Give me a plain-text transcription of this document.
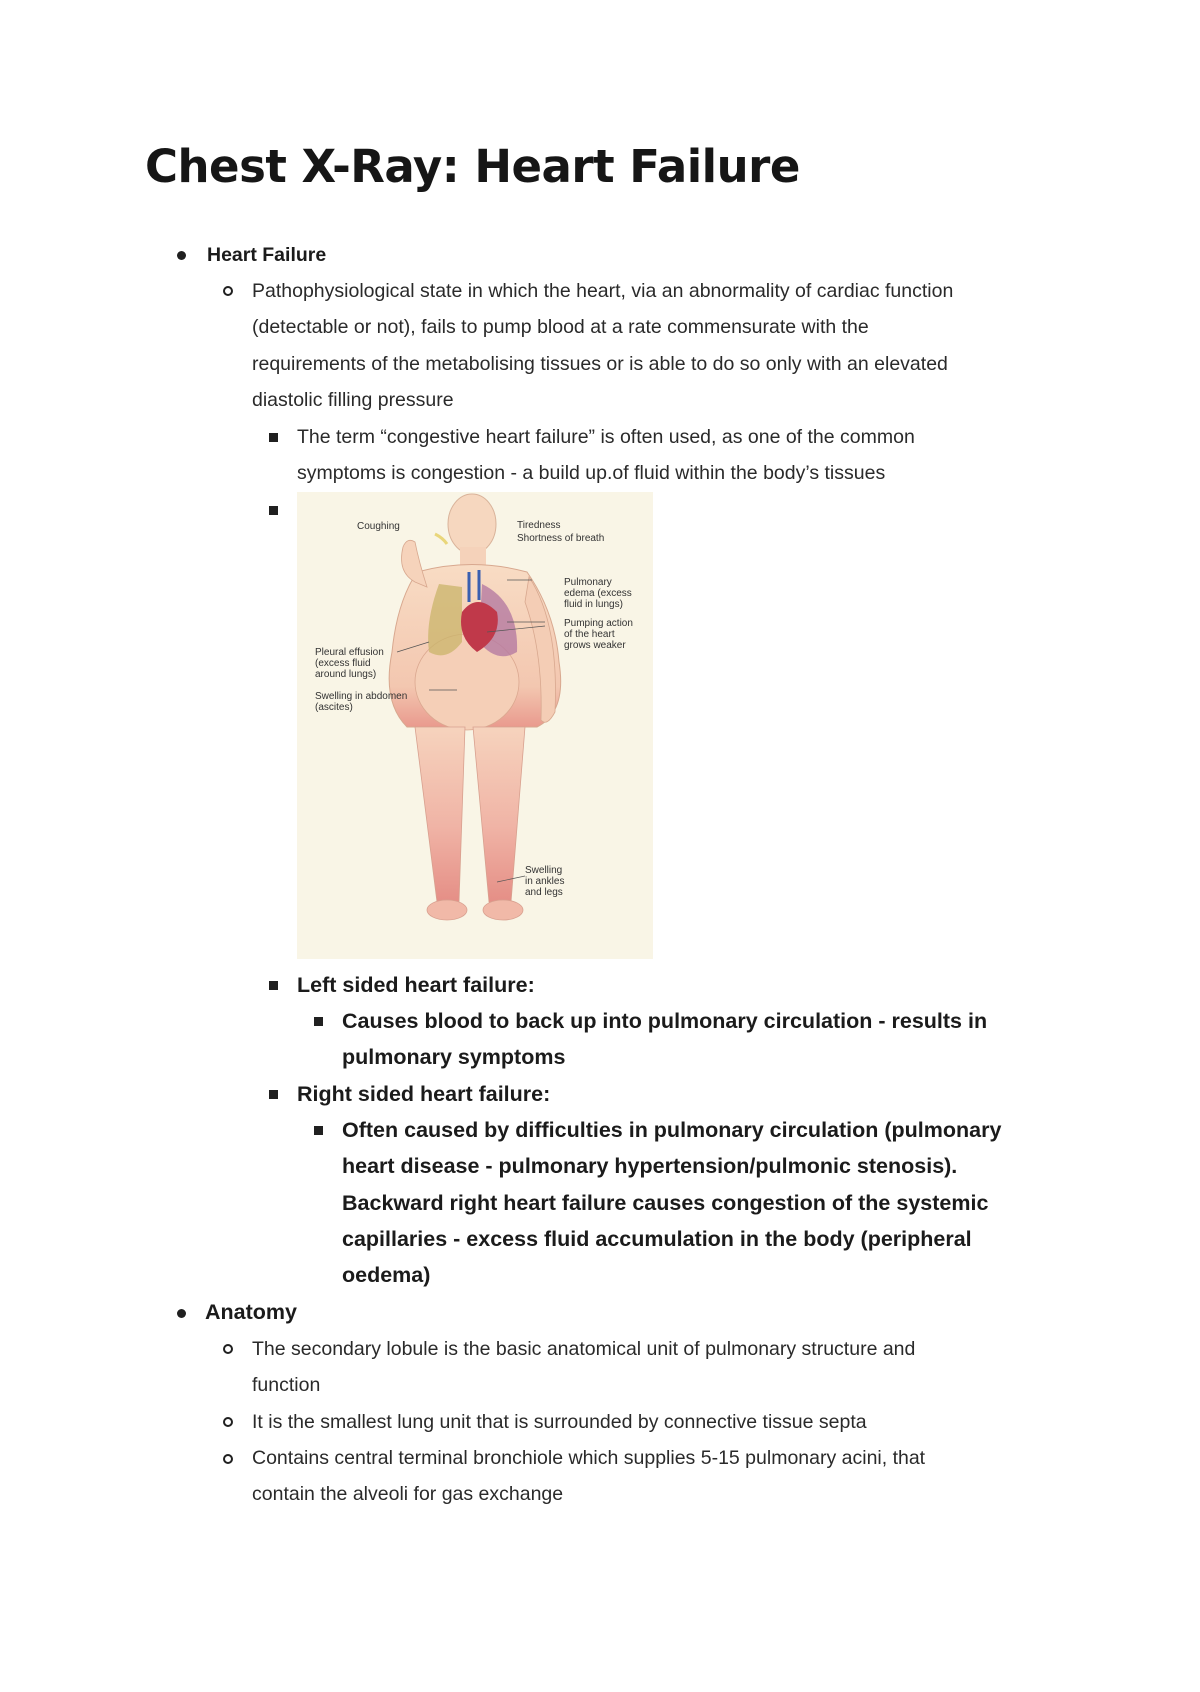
Chest X-Ray: Heart Failure
Heart Failure
Pathophysiological state in which the heart, via an abnormality of cardiac function
(detectable or not), fails to pump blood at a rate commensurate with the
requirements of the metabolising tissues or is able to do so only with an elevated
diastolic filling pressure
The term “congestive heart failure” is often used, as one of the common
symptoms is congestion - a build up.of fluid within the body’s tissues
Coughing	Tiredness
Shortness of breath
Pulmonary
edema (excess
fluid in lungs)
Pumping action
of the heart
grows weaker
Pleural effusion
(excess fluid
around lungs)
Swelling in abdomen
(ascites)
Swelling
in ankles
and legs
Left sided heart failure:
Causes blood to back up into pulmonary circulation - results in
pulmonary symptoms
Right sided heart failure:
Often caused by difficulties in pulmonary circulation (pulmonary
heart disease - pulmonary hypertension/pulmonic stenosis).
Backward right heart failure causes congestion of the systemic
capillaries - excess fluid accumulation in the body (peripheral
oedema)
Anatomy
The secondary lobule is the basic anatomical unit of pulmonary structure and
function
It is the smallest lung unit that is surrounded by connective tissue septa
Contains central terminal bronchiole which supplies 5-15 pulmonary acini, that
contain the alveoli for gas exchange
